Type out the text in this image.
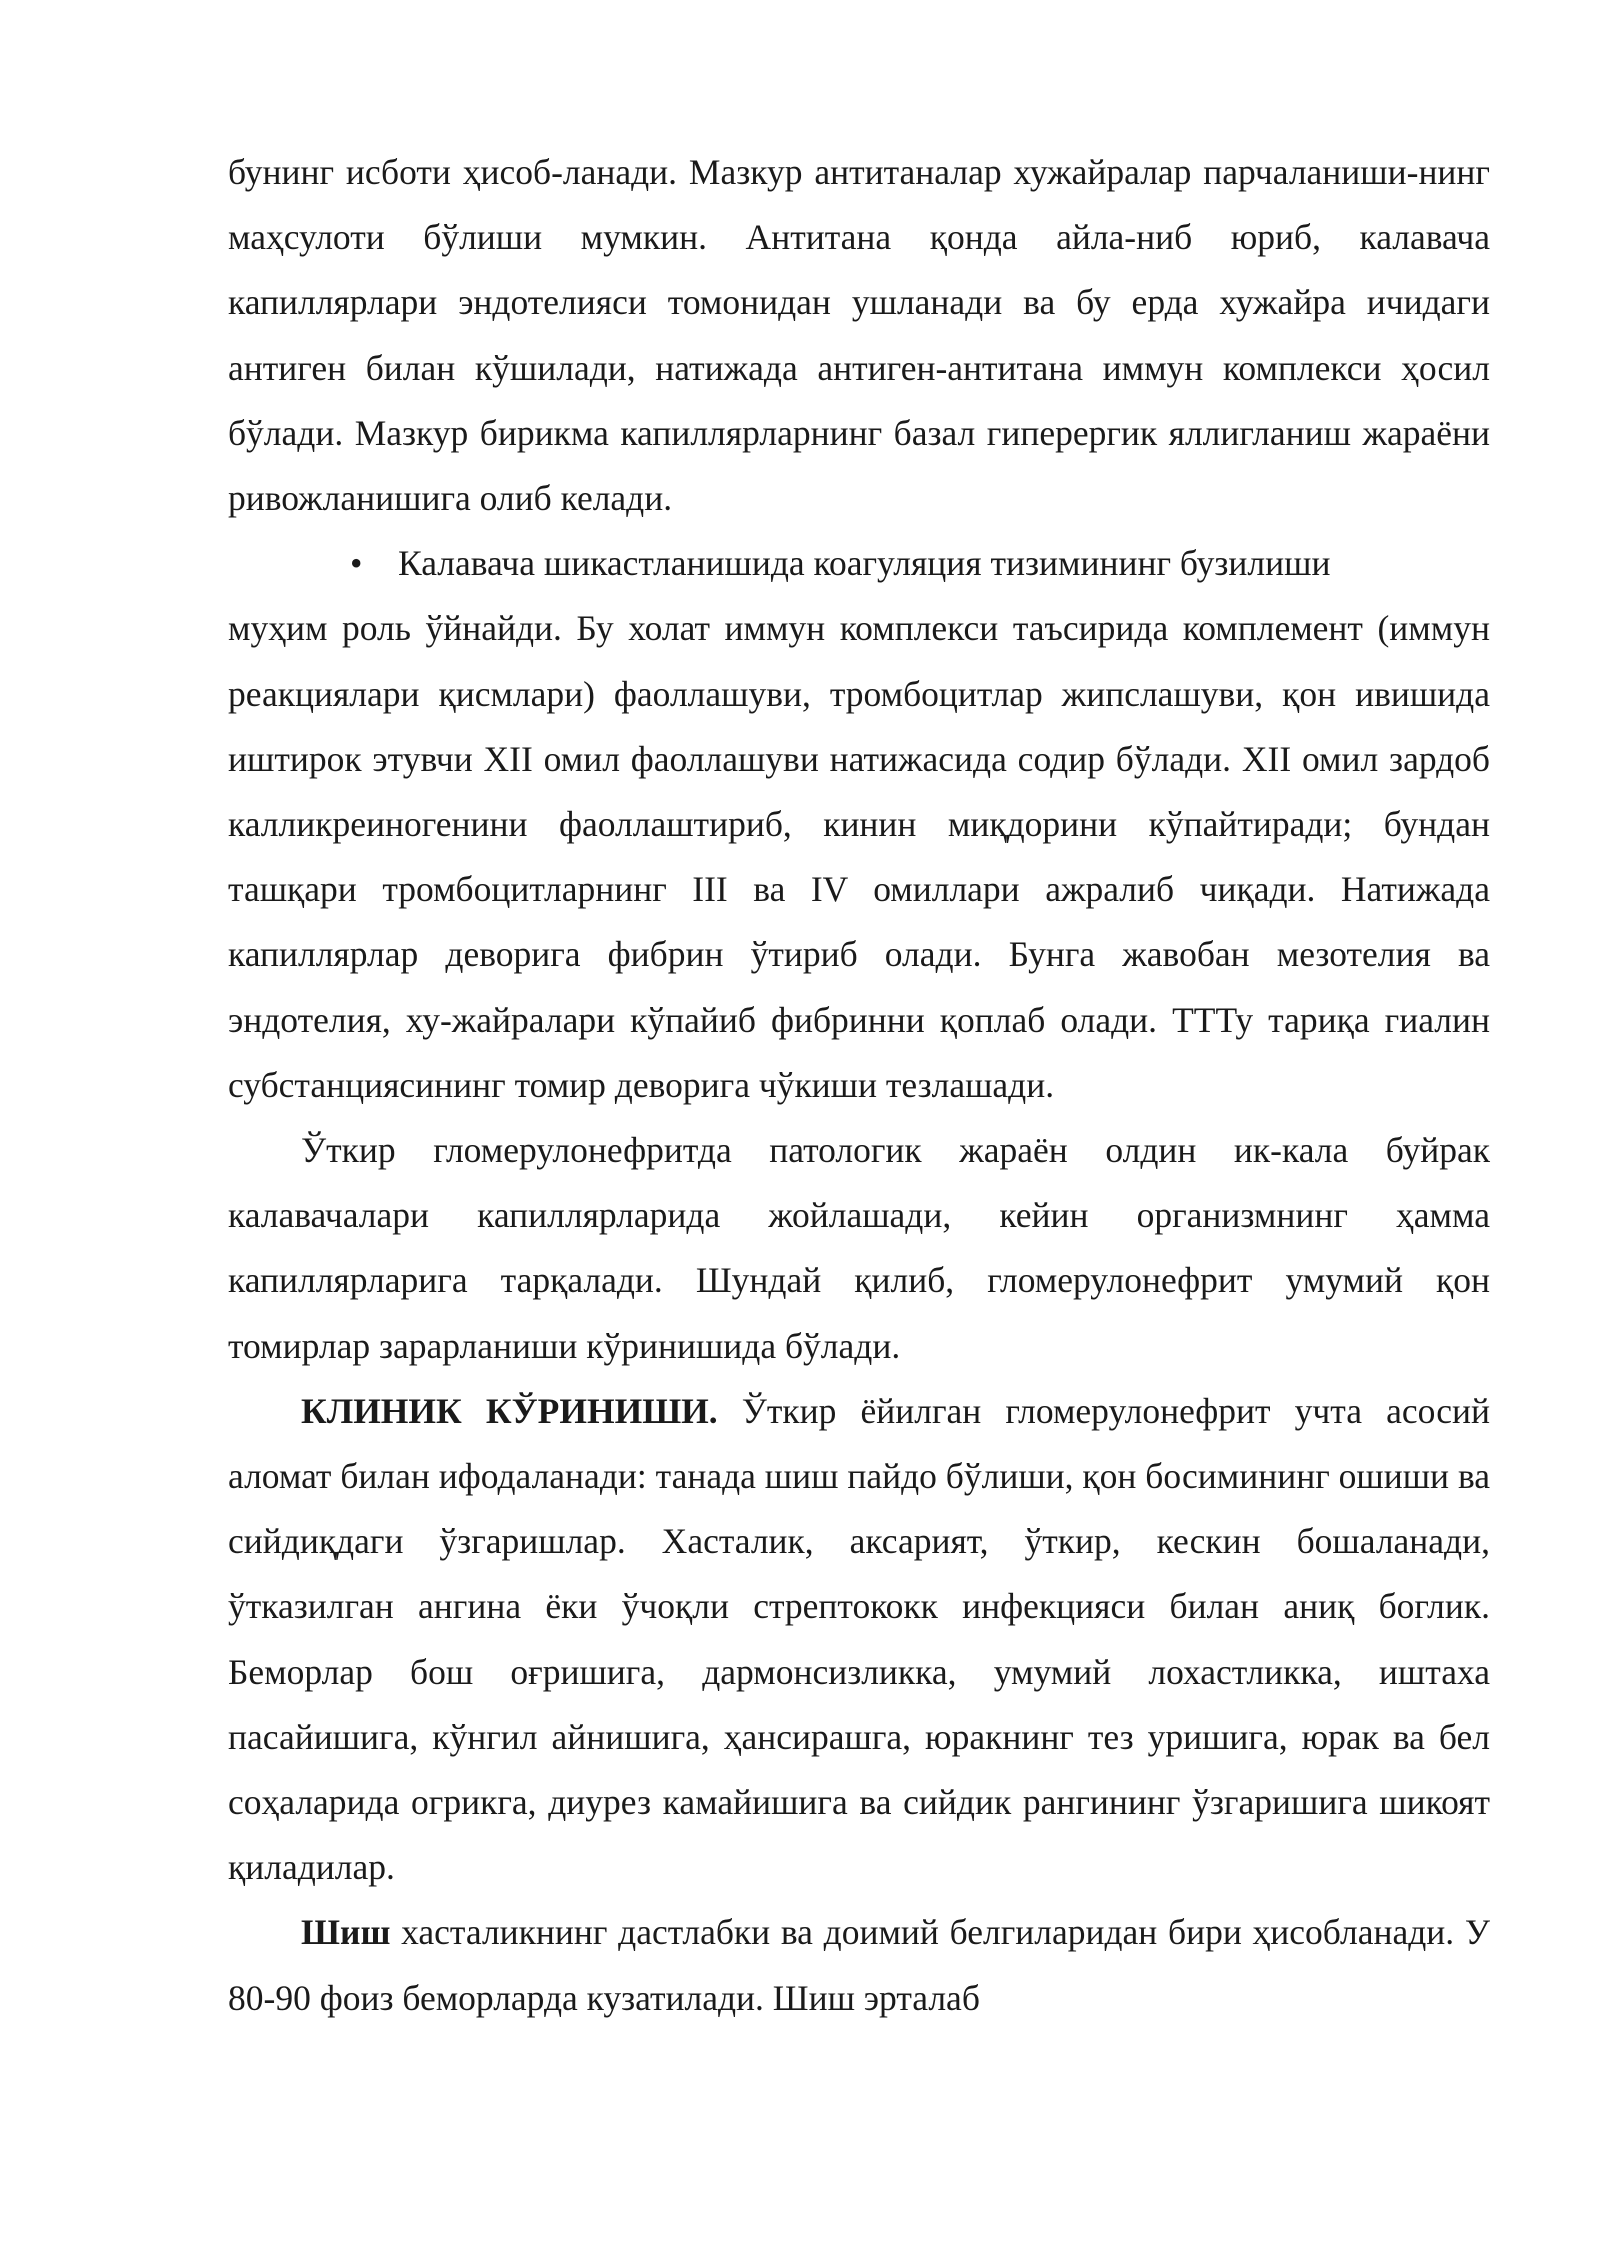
бунинг исботи ҳисоб-ланади. Мазкур антитаналар хужайралар парчаланиши-нинг маҳсулоти бўлиши мумкин. Антитана қонда айла-ниб юриб, калавача капиллярлари эндотелияси томонидан ушланади ва бу ерда хужайра ичидаги антиген билан кўшилади, натижада антиген-антитана иммун комплекси ҳосил бўлади. Мазкур бирикма капиллярларнинг базал гиперергик яллигланиш жараёни ривожланишига олиб келади.

• Калавача шикастланишида коагуляция тизимининг бузилиши
муҳим роль ўйнайди. Бу холат иммун комплекси таъсирида комплемент (иммун реакциялари қисмлари) фаоллашуви, тромбоцитлар жипслашуви, қон ивишида иштирок этувчи XII омил фаоллашуви натижасида содир бўлади. XII омил зардоб калликреиногенини фаоллаштириб, кинин миқдорини кўпайтиради; бундан ташқари тромбоцитларнинг III ва IV омиллари ажралиб чиқади. Натижада капиллярлар деворига фибрин ўтириб олади. Бунга жавобан мезотелия ва эндотелия, ху-жайралари кўпайиб фибринни қоплаб олади. ТТТу тариқа гиалин субстанциясининг томир деворига чўкиши тезлашади.

Ўткир гломерулонефритда патологик жараён олдин ик-кала буйрак калавачалари капиллярларида жойлашади, кейин организмнинг ҳамма капиллярларига тарқалади. Шундай қилиб, гломерулонефрит умумий қон томирлар зарарланиши кўринишида бўлади.

КЛИНИК КЎРИНИШИ. Ўткир ёйилган гломерулонефрит учта асосий аломат билан ифодаланади: танада шиш пайдо бўлиши, қон босимининг ошиши ва сийдиқдаги ўзгаришлар. Хасталик, аксарият, ўткир, кескин бошаланади, ўтказилган ангина ёки ўчоқли стрептококк инфекцияси билан аниқ боглик. Беморлар бош оғришига, дармонсизликка, умумий лохастликка, иштаха пасайишига, кўнгил айнишига, ҳансирашга, юракнинг тез уришига, юрак ва бел соҳаларида огрикга, диурез камайишига ва сийдик рангининг ўзгаришига шикоят қиладилар.

Шиш хасталикнинг дастлабки ва доимий белгиларидан бири ҳисобланади. У 80-90 фоиз беморларда кузатилади. Шиш эрталаб
